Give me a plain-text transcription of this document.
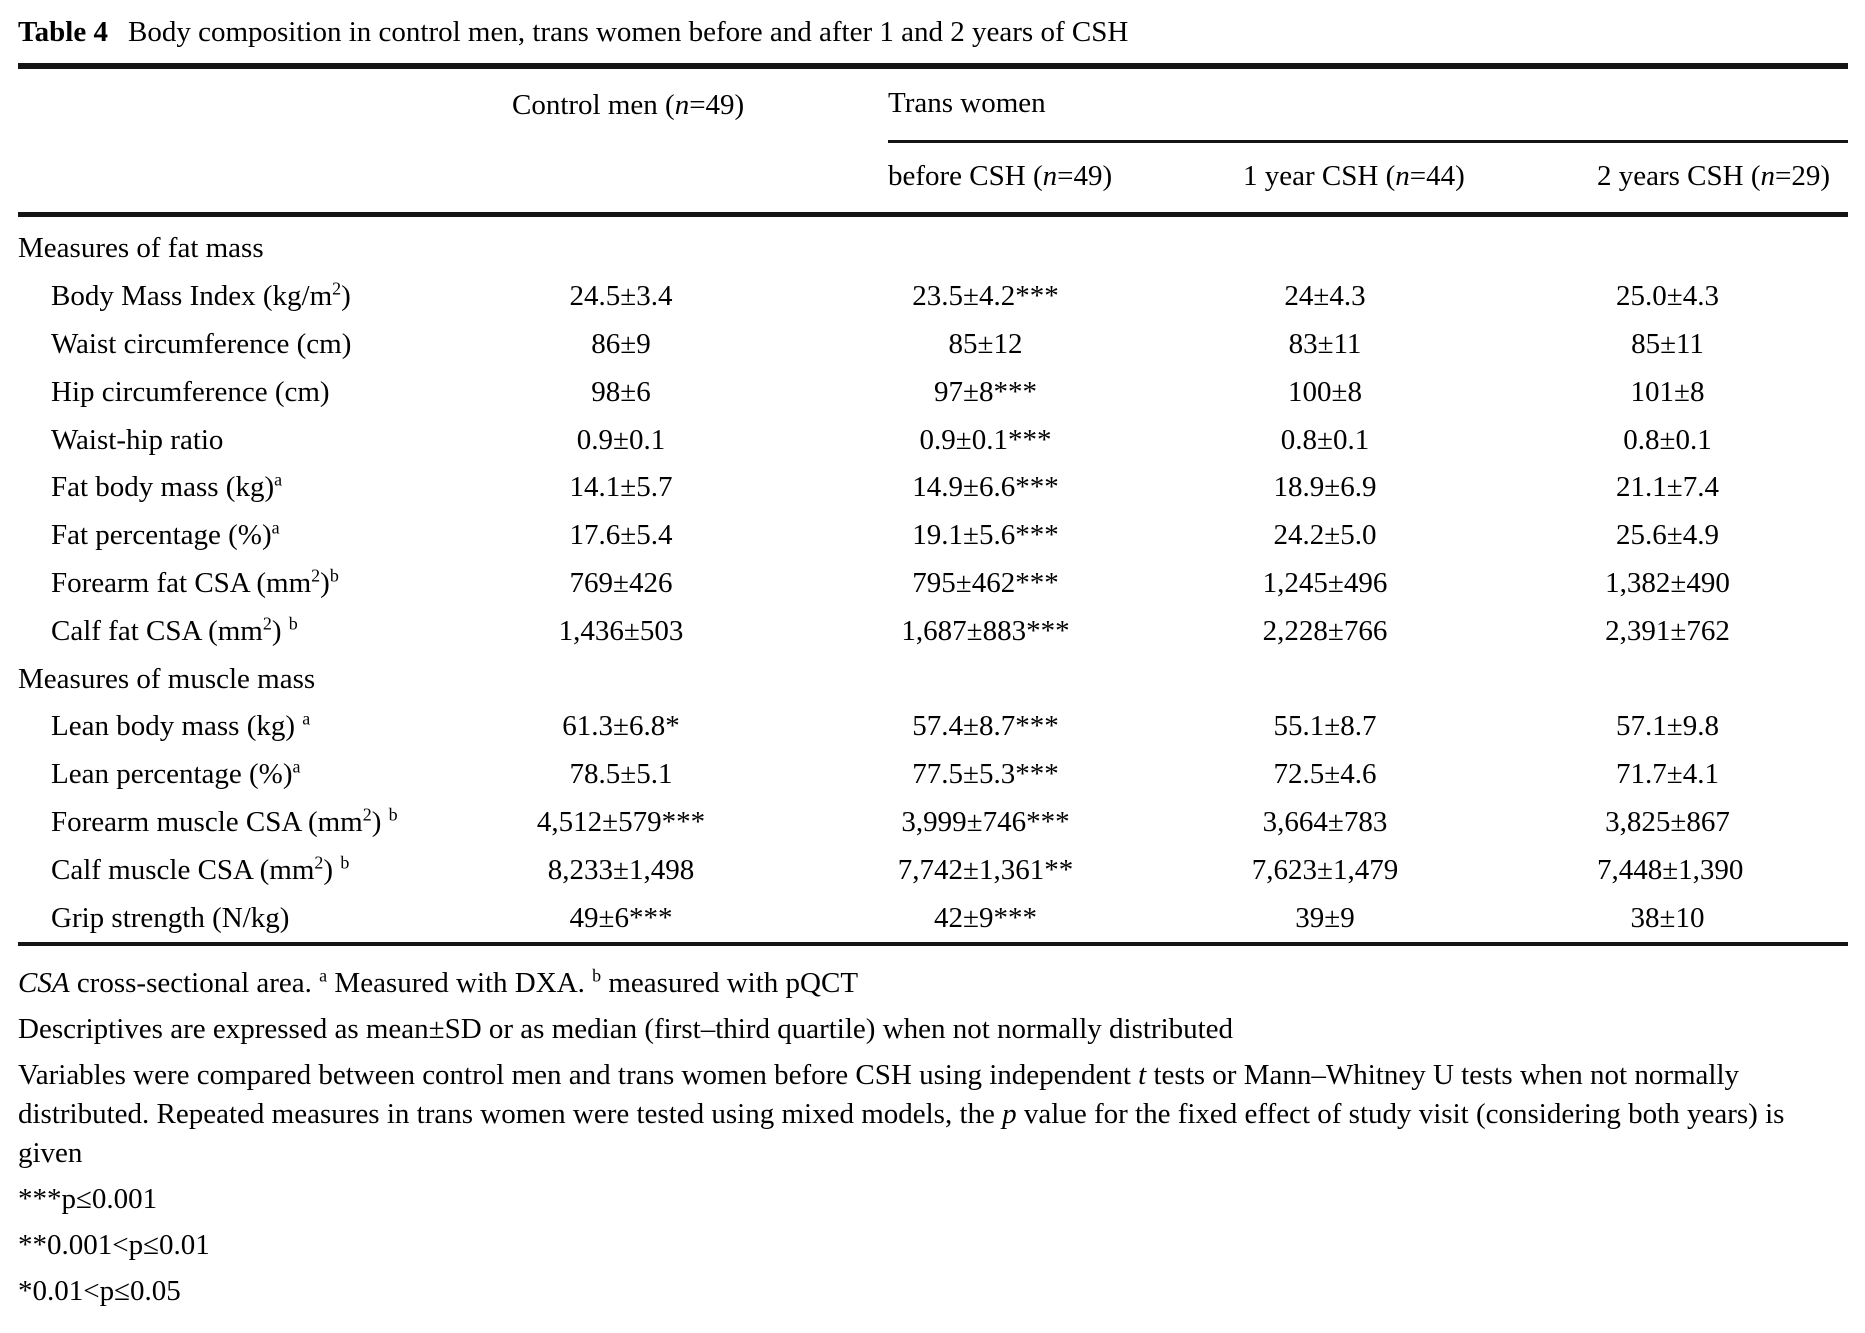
Table 4 Body composition in control men, trans women before and after 1 and 2 years of CSH

Control men (n=49)	Trans women
before CSH (n=49)	1 year CSH (n=44)	2 years CSH (n=29)
Measures of fat mass
Body Mass Index $(kg/m^2)$	24.5±3.4	23.5±4.2***	24±4.3	25.0±4.3
Waist circumference (cm)	86±9	85±12	83±11	85±11
Hip circumference (cm)	98±6	97±8***	100±8	101±8
Waist-hip ratio	0.9±0.1	0.9±0.1***	0.8±0.1	0.8±0.1
Fat body mass (kg)$^a$	14.1±5.7	14.9±6.6***	18.9±6.9	21.1±7.4
Fat percentage (%)$^a$	17.6±5.4	19.1±5.6***	24.2±5.0	25.6±4.9
Forearm fat CSA $(mm^2)^b$	769±426	795±462***	1,245±496	1,382±490
Calf fat CSA $(mm^2)$ $^b$	1,436±503	1,687±883***	2,228±766	2,391±762
Measures of muscle mass
Lean body mass (kg) $^a$	61.3±6.8*	57.4±8.7***	55.1±8.7	57.1±9.8
Lean percentage (%)$^a$	78.5±5.1	77.5±5.3***	72.5±4.6	71.7±4.1
Forearm muscle CSA $(mm^2)$ $^b$	4,512±579***	3,999±746***	3,664±783	3,825±867
Calf muscle CSA $(mm^2)$ $^b$	8,233±1,498	7,742±1,361**	7,623±1,479	7,448±1,390
Grip strength (N/kg)	49±6***	42±9***	39±9	38±10

CSA cross-sectional area. $^a$ Measured with DXA. $^b$ measured with pQCT

Descriptives are expressed as mean±SD or as median (first–third quartile) when not normally distributed

Variables were compared between control men and trans women before CSH using independent t tests or Mann–Whitney U tests when not normally distributed. Repeated measures in trans women were tested using mixed models, the p value for the fixed effect of study visit (considering both years) is given

***p≤0.001

**0.001<p≤0.01

*0.01<p≤0.05
